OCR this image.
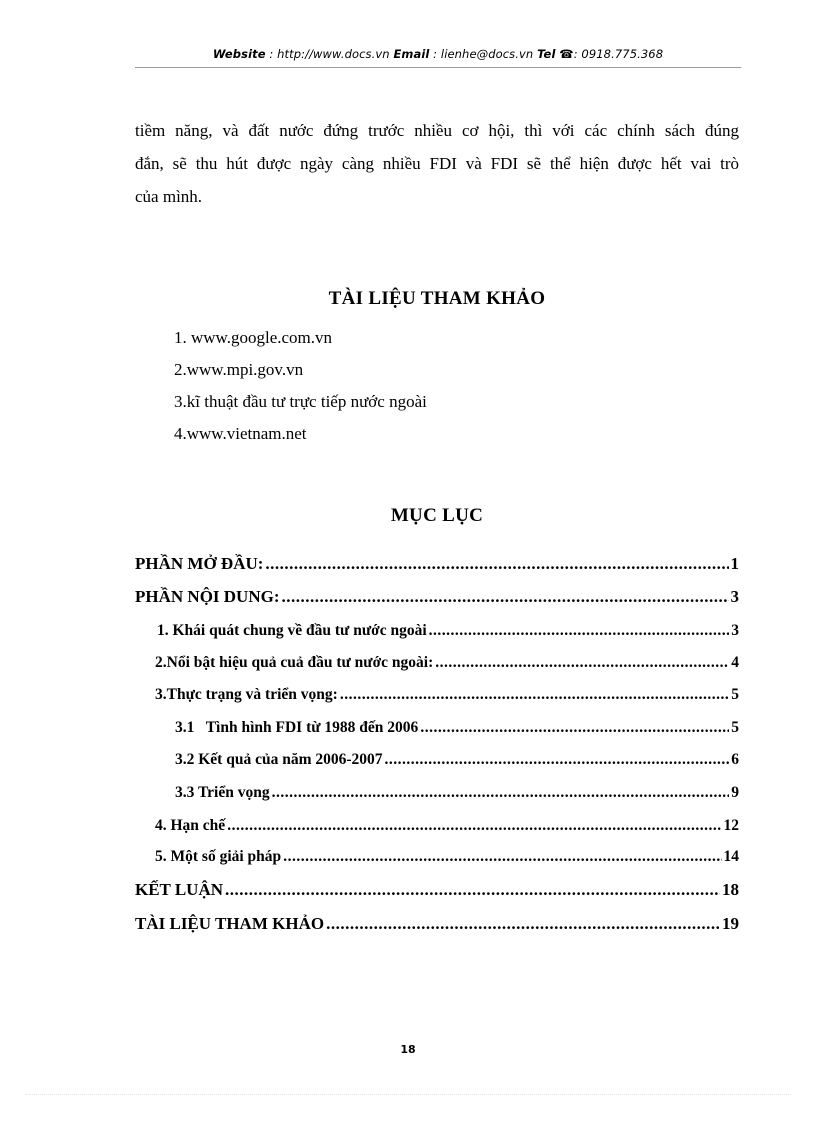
Website : http://www.docs.vn Email : lienhe@docs.vn Tel ☎: 0918.775.368
tiềm năng, và đất nước đứng trước nhiều cơ hội, thì với các chính sách đúng
đắn, sẽ thu hút được ngày càng nhiều FDI và FDI sẽ thể hiện được hết vai trò
của mình.
TÀI LIỆU THAM KHẢO
1. www.google.com.vn
2.www.mpi.gov.vn
3.kĩ thuật đầu tư trực tiếp nước ngoài
4.www.vietnam.net
MỤC LỤC
PHẦN MỞ ĐẦU: .....	1
PHẦN NỘI DUNG: .....	3
1. Khái quát chung về đầu tư nước ngoài .....	3
2.Nổi bật hiệu quả cuả đầu tư nước ngoài: .....	4
3.Thực trạng và triển vọng: .....	5
3.1   Tình hình FDI từ 1988 đến 2006 .....	5
3.2 Kết quả của năm 2006-2007 .....	6
3.3 Triển vọng .....	9
4. Hạn chế .....	12
5. Một số giải pháp .....	14
KẾT LUẬN .....	18
TÀI LIỆU THAM KHẢO .....	19
18
